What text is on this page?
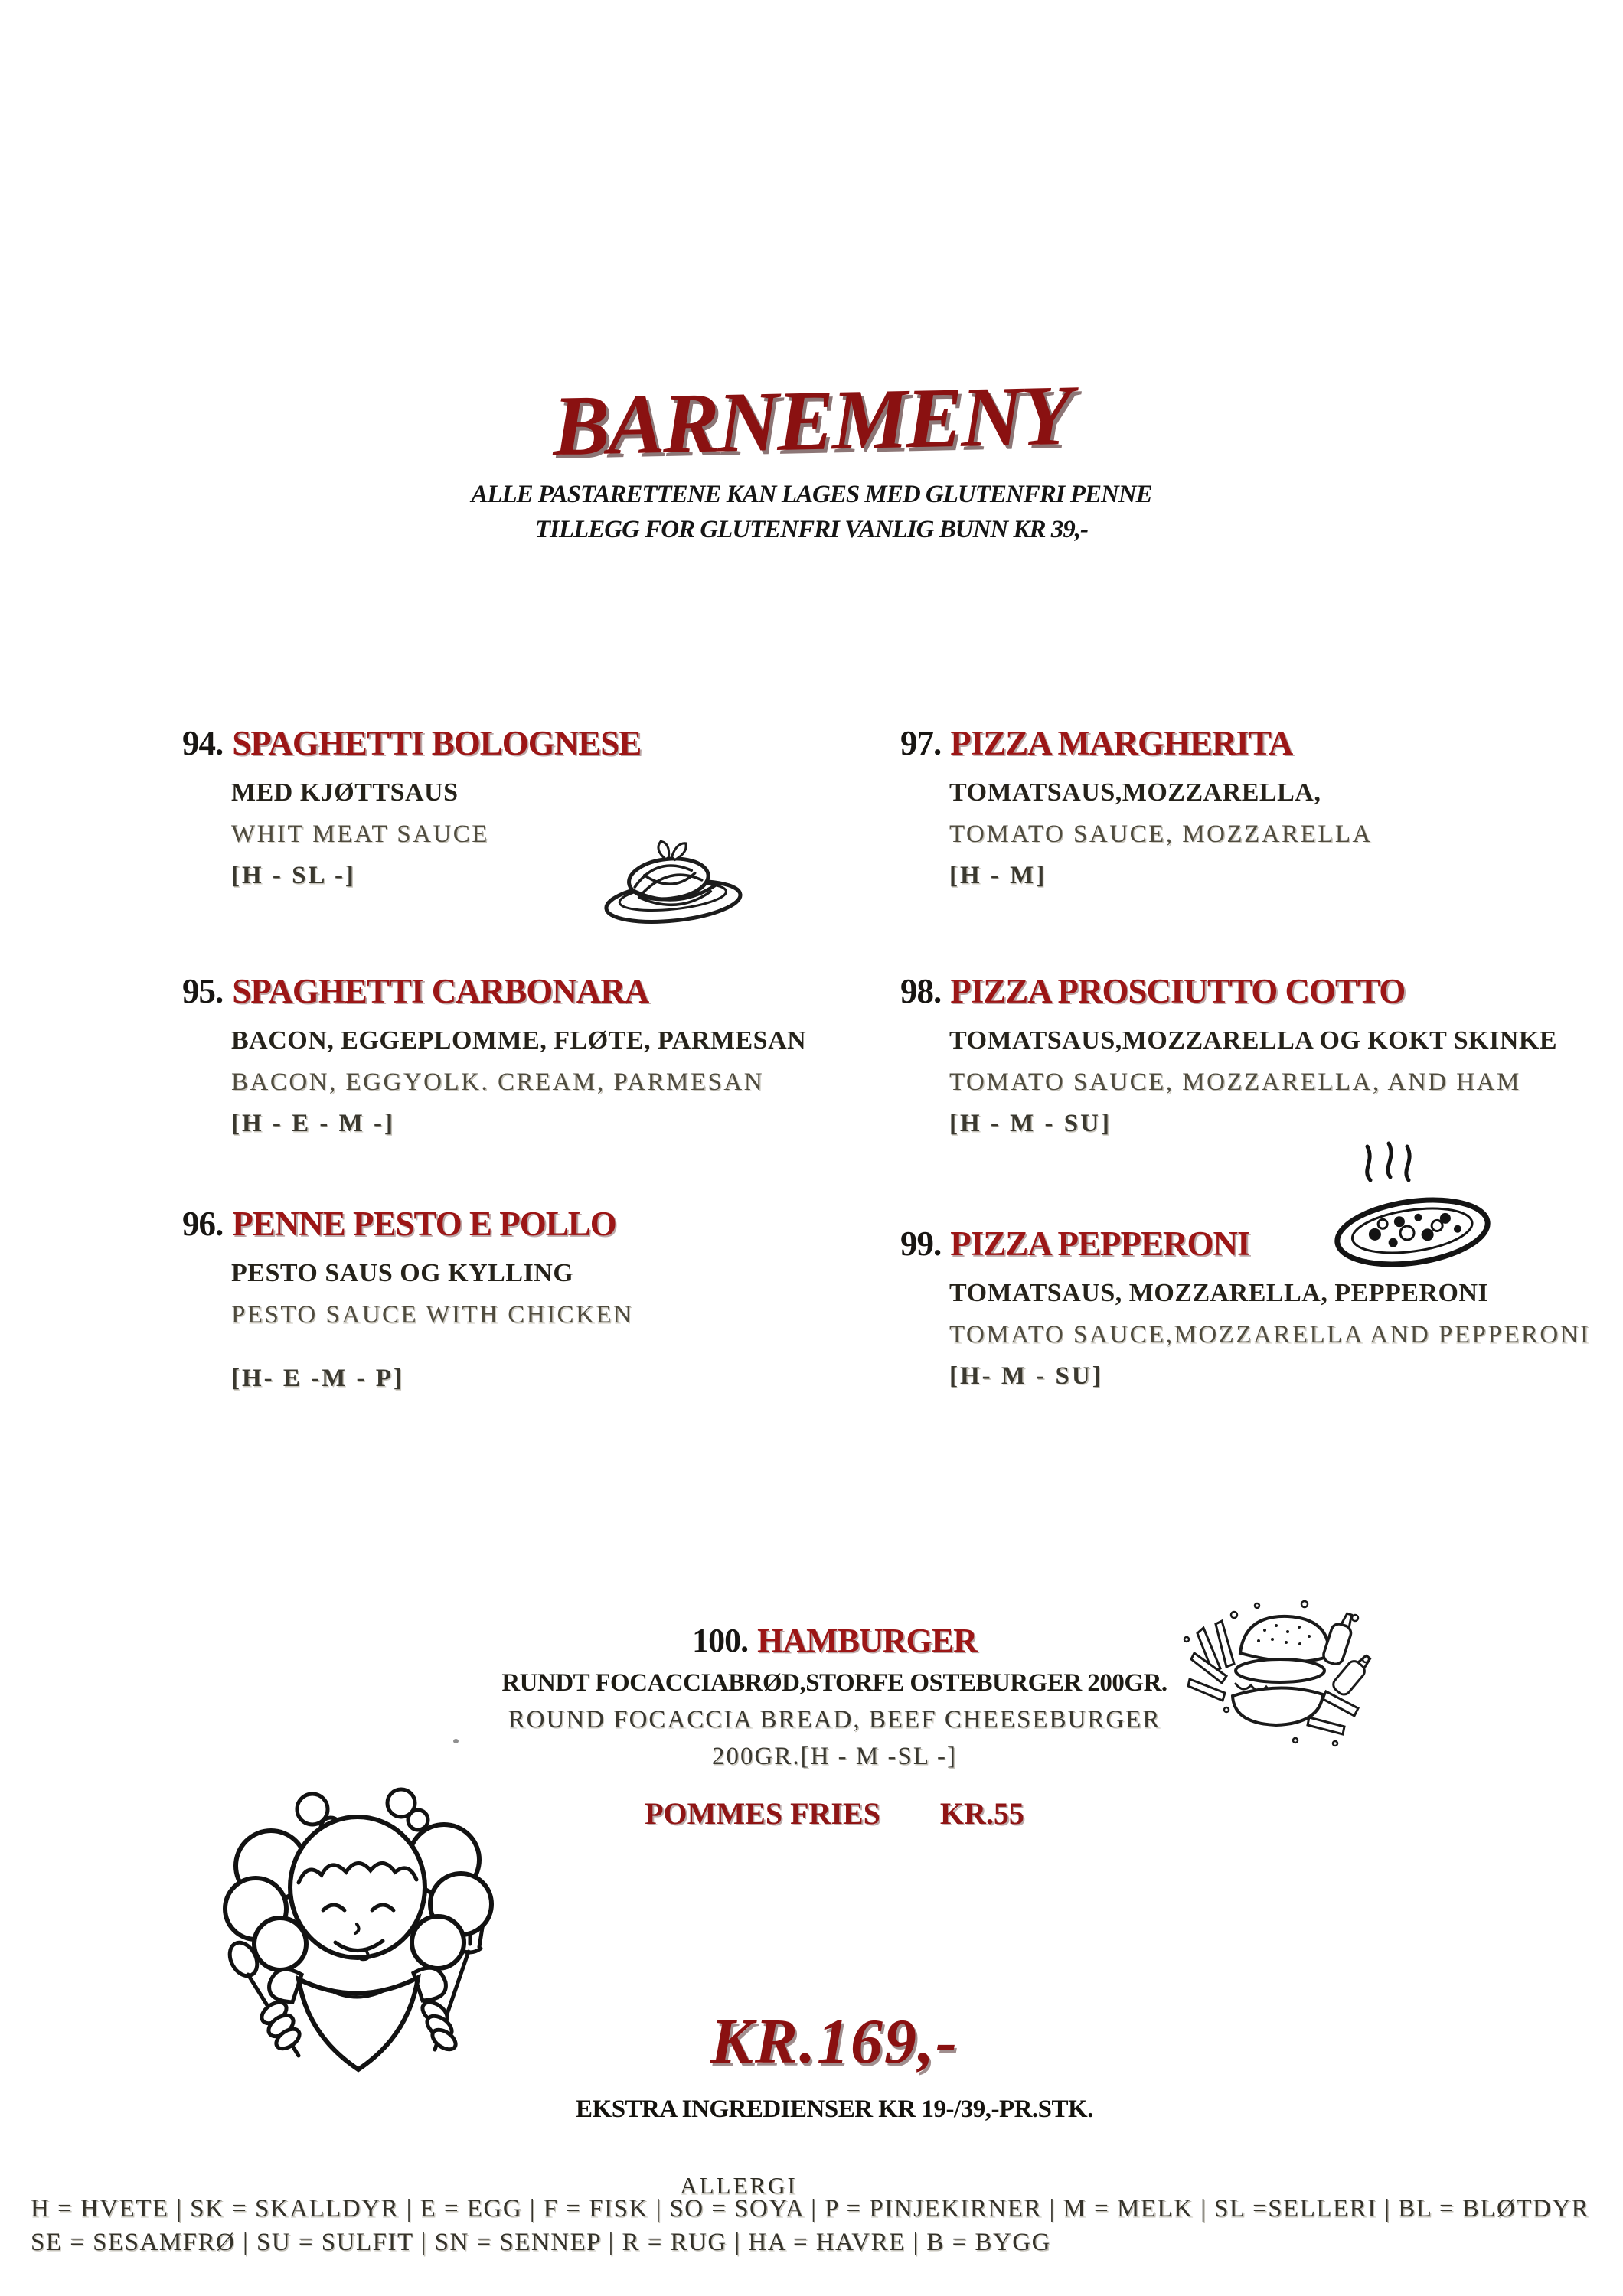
BARNEMENY
ALLE PASTARETTENE KAN LAGES MED GLUTENFRI PENNE
TILLEGG FOR GLUTENFRI VANLIG BUNN KR 39,-
94. SPAGHETTI BOLOGNESE
MED KJØTTSAUS
WHIT MEAT SAUCE
[H - SL -]
97. PIZZA MARGHERITA
TOMATSAUS,MOZZARELLA,
TOMATO SAUCE, MOZZARELLA
[H - M]
95. SPAGHETTI CARBONARA
BACON, EGGEPLOMME, FLØTE, PARMESAN
BACON, EGGYOLK. CREAM, PARMESAN
[H - E - M -]
98. PIZZA PROSCIUTTO COTTO
TOMATSAUS,MOZZARELLA OG KOKT SKINKE
TOMATO SAUCE, MOZZARELLA, AND HAM
[H - M - SU]
96. PENNE PESTO E POLLO
PESTO SAUS OG KYLLING
PESTO SAUCE WITH CHICKEN
[H- E -M - P]
99. PIZZA PEPPERONI
TOMATSAUS, MOZZARELLA, PEPPERONI
TOMATO SAUCE,MOZZARELLA AND PEPPERONI
[H- M - SU]
100. HAMBURGER
RUNDT FOCACCIABRØD,STORFE OSTEBURGER 200GR.
ROUND FOCACCIA BREAD, BEEF CHEESEBURGER
200GR.[H - M -SL -]
POMMES FRIES KR.55
KR.169,-
EKSTRA INGREDIENSER KR 19-/39,-PR.STK.
ALLERGI
H = HVETE | SK = SKALLDYR | E = EGG | F = FISK | SO = SOYA | P = PINJEKIRNER | M = MELK | SL =SELLERI | BL = BLØTDYR
SE = SESAMFRØ | SU = SULFIT | SN = SENNEP | R = RUG | HA = HAVRE | B = BYGG
